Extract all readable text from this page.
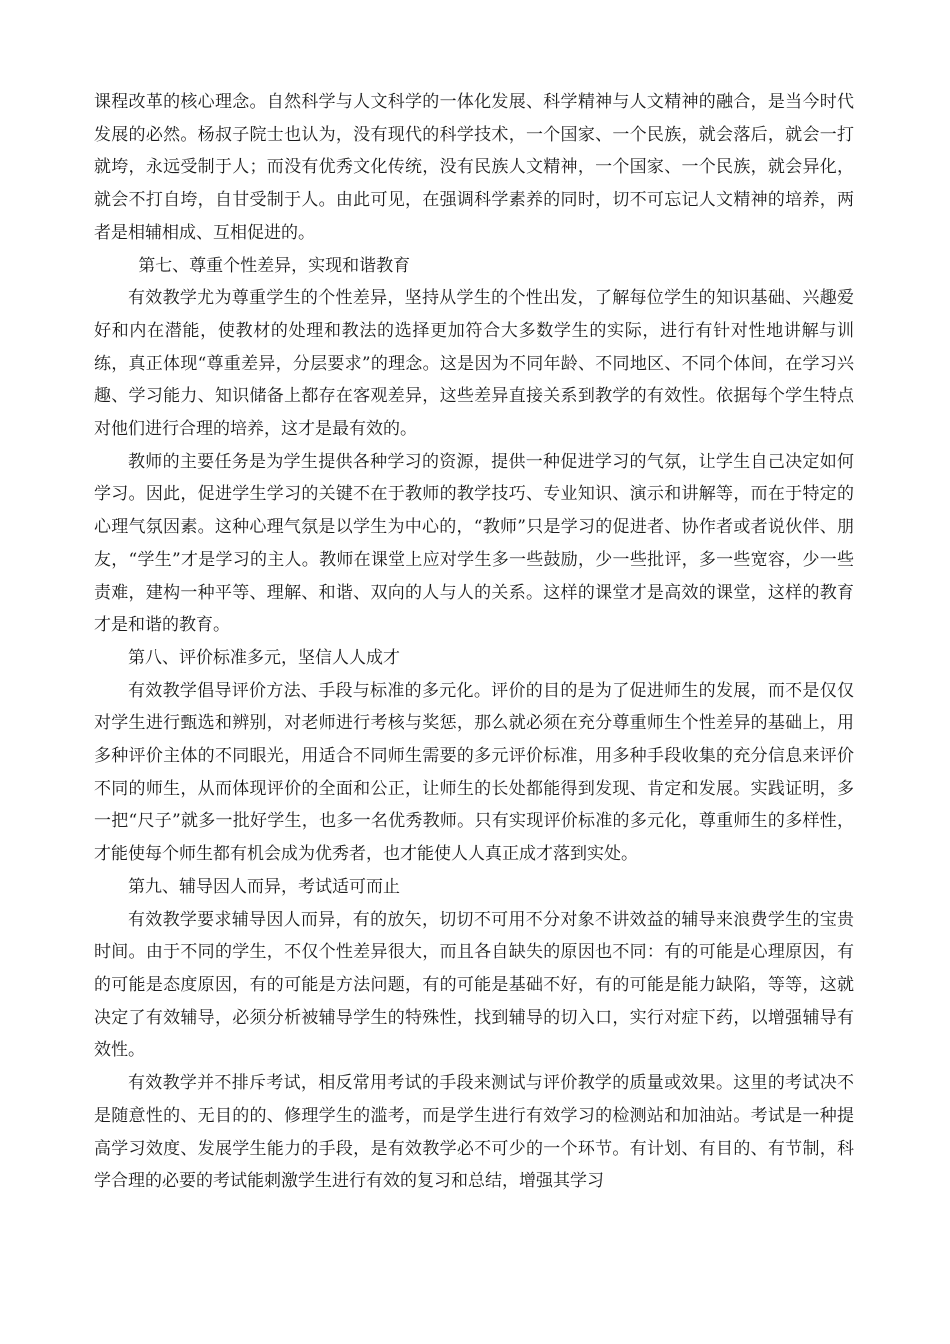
课程改革的核心理念。自然科学与人文科学的一体化发展、科学精神与人文精神的融合，是当今时代发展的必然。杨叔子院士也认为，没有现代的科学技术，一个国家、一个民族，就会落后，就会一打就垮，永远受制于人；而没有优秀文化传统，没有民族人文精神，一个国家、一个民族，就会异化，就会不打自垮，自甘受制于人。由此可见，在强调科学素养的同时，切不可忘记人文精神的培养，两者是相辅相成、互相促进的。

第七、尊重个性差异，实现和谐教育

有效教学尤为尊重学生的个性差异，坚持从学生的个性出发，了解每位学生的知识基础、兴趣爱好和内在潜能，使教材的处理和教法的选择更加符合大多数学生的实际，进行有针对性地讲解与训练，真正体现“尊重差异，分层要求”的理念。这是因为不同年龄、不同地区、不同个体间，在学习兴趣、学习能力、知识储备上都存在客观差异，这些差异直接关系到教学的有效性。依据每个学生特点对他们进行合理的培养，这才是最有效的。

教师的主要任务是为学生提供各种学习的资源，提供一种促进学习的气氛，让学生自己决定如何学习。因此，促进学生学习的关键不在于教师的教学技巧、专业知识、演示和讲解等，而在于特定的心理气氛因素。这种心理气氛是以学生为中心的，“教师”只是学习的促进者、协作者或者说伙伴、朋友，“学生”才是学习的主人。教师在课堂上应对学生多一些鼓励，少一些批评，多一些宽容，少一些责难，建构一种平等、理解、和谐、双向的人与人的关系。这样的课堂才是高效的课堂，这样的教育才是和谐的教育。

第八、评价标准多元，坚信人人成才

有效教学倡导评价方法、手段与标准的多元化。评价的目的是为了促进师生的发展，而不是仅仅对学生进行甄选和辨别，对老师进行考核与奖惩，那么就必须在充分尊重师生个性差异的基础上，用多种评价主体的不同眼光，用适合不同师生需要的多元评价标准，用多种手段收集的充分信息来评价不同的师生，从而体现评价的全面和公正，让师生的长处都能得到发现、肯定和发展。实践证明，多一把“尺子”就多一批好学生，也多一名优秀教师。只有实现评价标准的多元化，尊重师生的多样性，才能使每个师生都有机会成为优秀者，也才能使人人真正成才落到实处。

第九、辅导因人而异，考试适可而止

有效教学要求辅导因人而异，有的放矢，切切不可用不分对象不讲效益的辅导来浪费学生的宝贵时间。由于不同的学生，不仅个性差异很大，而且各自缺失的原因也不同：有的可能是心理原因，有的可能是态度原因，有的可能是方法问题，有的可能是基础不好，有的可能是能力缺陷，等等，这就决定了有效辅导，必须分析被辅导学生的特殊性，找到辅导的切入口，实行对症下药，以增强辅导有效性。

有效教学并不排斥考试，相反常用考试的手段来测试与评价教学的质量或效果。这里的考试决不是随意性的、无目的的、修理学生的滥考，而是学生进行有效学习的检测站和加油站。考试是一种提高学习效度、发展学生能力的手段，是有效教学必不可少的一个环节。有计划、有目的、有节制，科学合理的必要的考试能刺激学生进行有效的复习和总结，增强其学习
